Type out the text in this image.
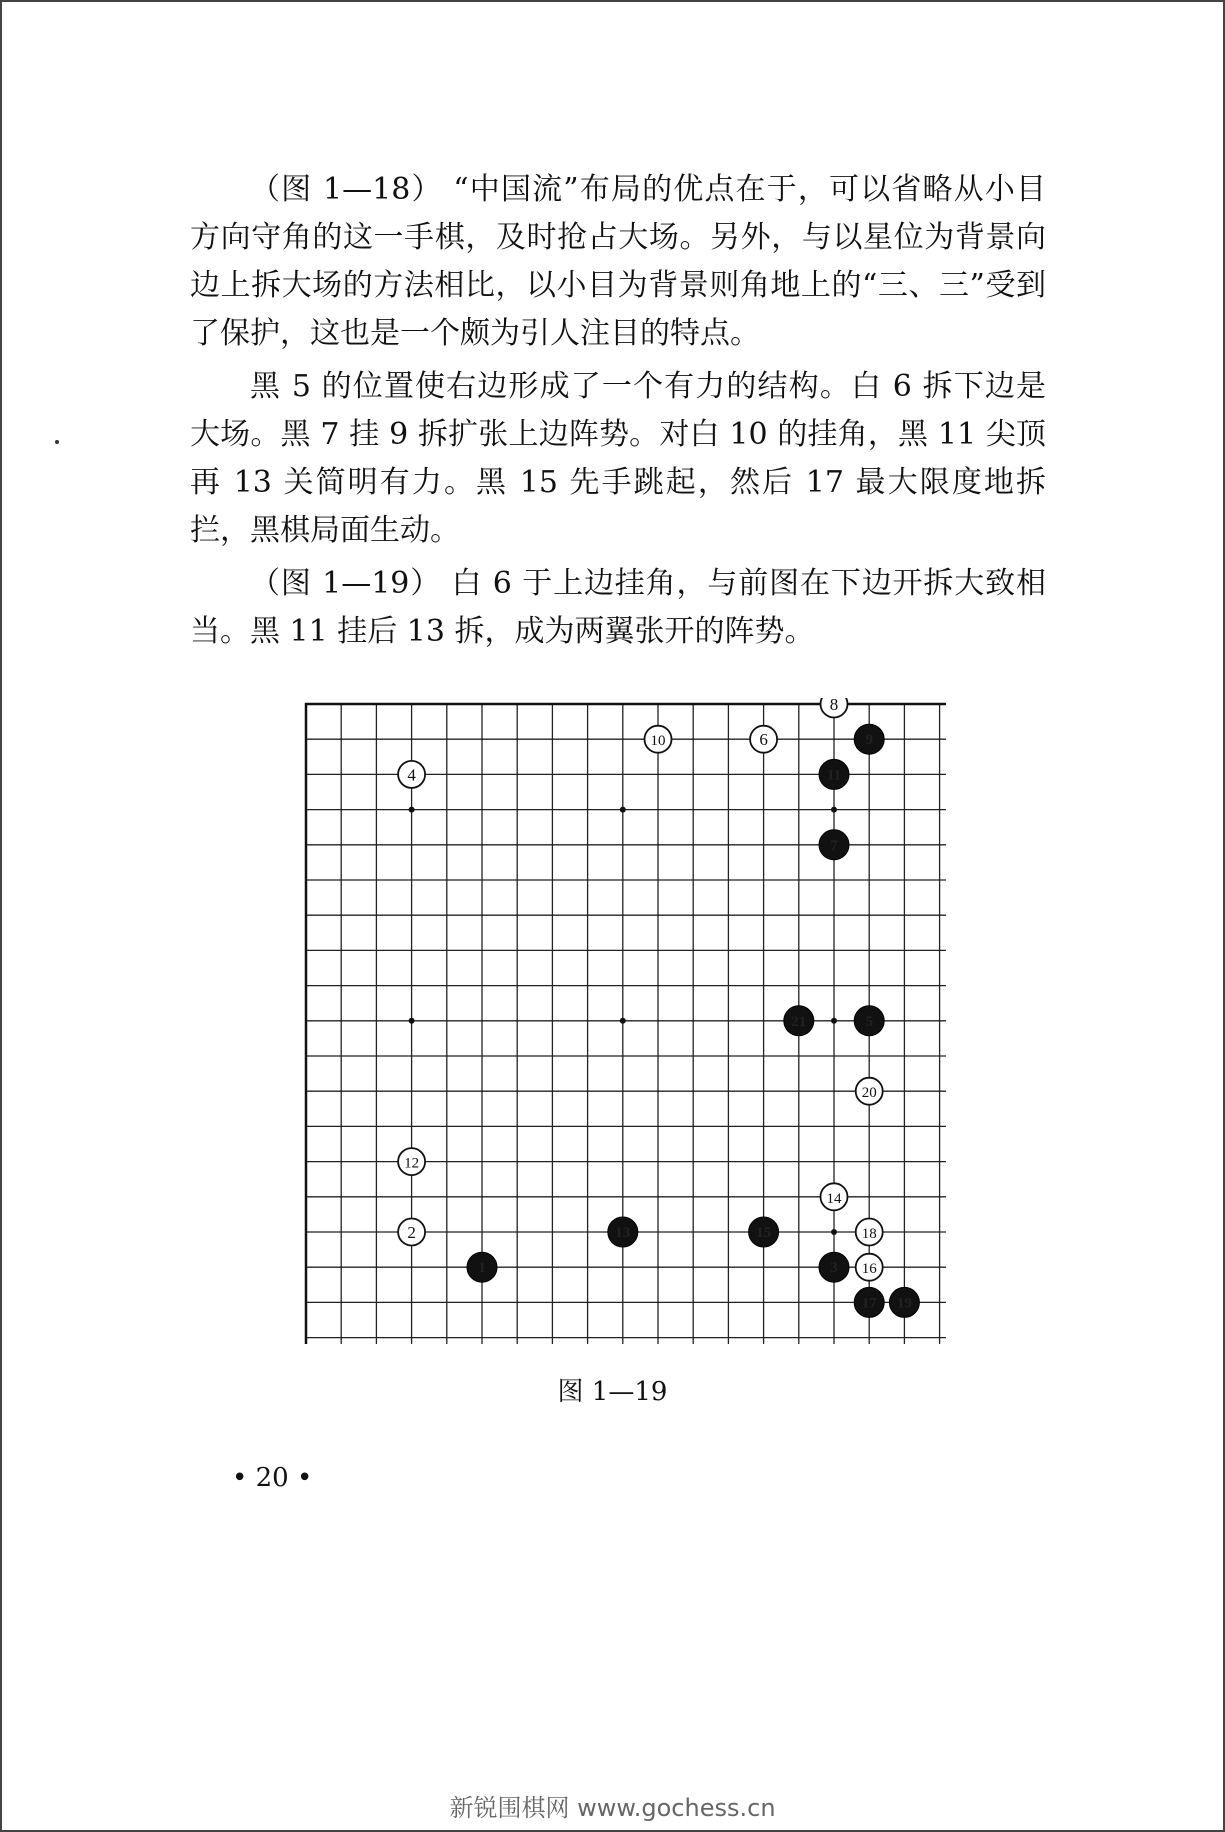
（图 1—18） “中国流”布局的优点在于，可以省略从小目方向守角的这一手棋，及时抢占大场。另外，与以星位为背景向边上拆大场的方法相比，以小目为背景则角地上的“三、三”受到了保护，这也是一个颇为引人注目的特点。

黑 5 的位置使右边形成了一个有力的结构。白 6 拆下边是大场。黑 7 挂 9 拆扩张上边阵势。对白 10 的挂角，黑 11 尖顶再 13 关简明有力。黑 15 先手跳起，然后 17 最大限度地拆拦，黑棋局面生动。

（图 1—19） 白 6 于上边挂角，与前图在下边开拆大致相当。黑 11 挂后 13 拆，成为两翼张开的阵势。

1
2
3
4
5
6
7
8
9
10
11
12
13
14
15
16
17
18
19
20
21
图 1—19
• 20 •
新锐围棋网 www.gochess.cn
